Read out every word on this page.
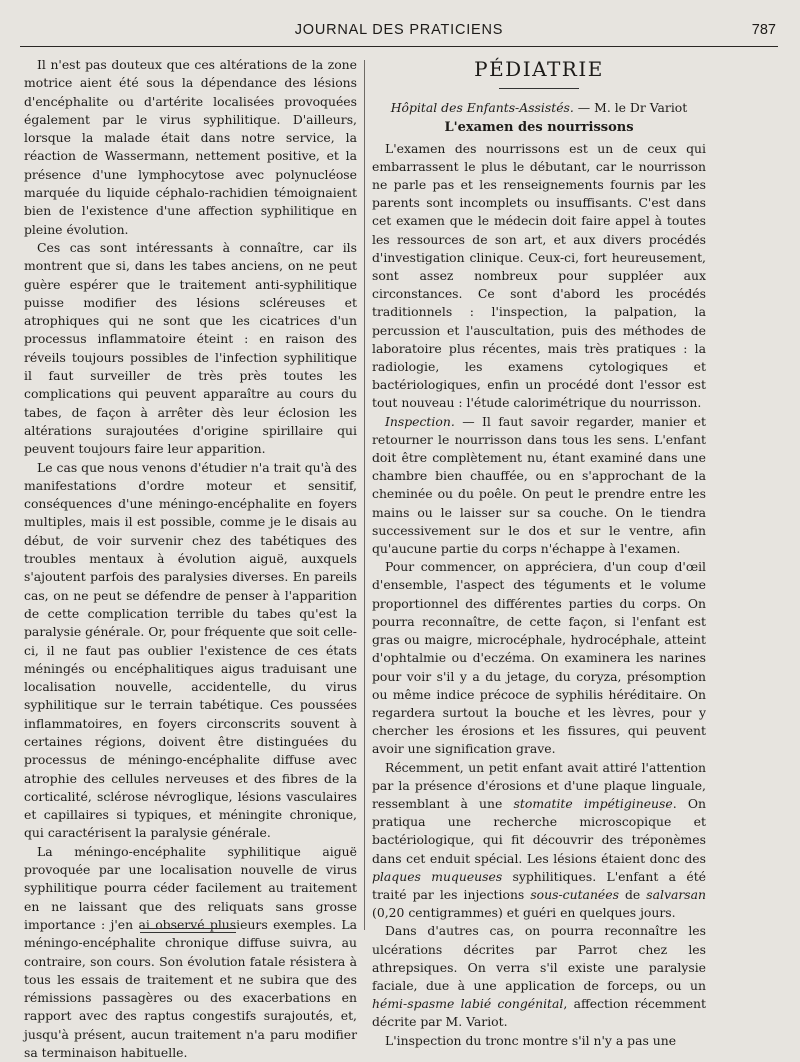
JOURNAL DES PRATICIENS	787

Il n'est pas douteux que ces altérations de la zone motrice aient été sous la dépendance des lésions d'encéphalite ou d'artérite localisées provoquées également par le virus syphilitique. D'ailleurs, lorsque la malade était dans notre service, la réaction de Wassermann, nettement positive, et la présence d'une lymphocytose avec polynucléose marquée du liquide céphalo-rachidien témoignaient bien de l'existence d'une affection syphilitique en pleine évolution.

Ces cas sont intéressants à connaître, car ils montrent que si, dans les tabes anciens, on ne peut guère espérer que le traitement anti-syphilitique puisse modifier des lésions scléreuses et atrophiques qui ne sont que les cicatrices d'un processus inflammatoire éteint : en raison des réveils toujours possibles de l'infection syphilitique il faut surveiller de très près toutes les complications qui peuvent apparaître au cours du tabes, de façon à arrêter dès leur éclosion les altérations surajoutées d'origine spirillaire qui peuvent toujours faire leur apparition.

Le cas que nous venons d'étudier n'a trait qu'à des manifestations d'ordre moteur et sensitif, conséquences d'une méningo-encéphalite en foyers multiples, mais il est possible, comme je le disais au début, de voir survenir chez des tabétiques des troubles mentaux à évolution aiguë, auxquels s'ajoutent parfois des paralysies diverses. En pareils cas, on ne peut se défendre de penser à l'apparition de cette complication terrible du tabes qu'est la paralysie générale. Or, pour fréquente que soit celle-ci, il ne faut pas oublier l'existence de ces états méningés ou encéphalitiques aigus traduisant une localisation nouvelle, accidentelle, du virus syphilitique sur le terrain tabétique. Ces poussées inflammatoires, en foyers circonscrits souvent à certaines régions, doivent être distinguées du processus de méningo-encéphalite diffuse avec atrophie des cellules nerveuses et des fibres de la corticalité, sclérose névroglique, lésions vasculaires et capillaires si typiques, et méningite chronique, qui caractérisent la paralysie générale.

La méningo-encéphalite syphilitique aiguë provoquée par une localisation nouvelle de virus syphilitique pourra céder facilement au traitement en ne laissant que des reliquats sans grosse importance : j'en ai observé plusieurs exemples. La méningo-encéphalite chronique diffuse suivra, au contraire, son cours. Son évolution fatale résistera à tous les essais de traitement et ne subira que des rémissions passagères ou des exacerbations en rapport avec des raptus congestifs surajoutés, et, jusqu'à présent, aucun traitement n'a paru modifier sa terminaison habituelle.

PÉDIATRIE

Hôpital des Enfants-Assistés. — M. le Dr Variot

L'examen des nourrissons

L'examen des nourrissons est un de ceux qui embarrassent le plus le débutant, car le nourrisson ne parle pas et les renseignements fournis par les parents sont incomplets ou insuffisants. C'est dans cet examen que le médecin doit faire appel à toutes les ressources de son art, et aux divers procédés d'investigation clinique. Ceux-ci, fort heureusement, sont assez nombreux pour suppléer aux circonstances. Ce sont d'abord les procédés traditionnels : l'inspection, la palpation, la percussion et l'auscultation, puis des méthodes de laboratoire plus récentes, mais très pratiques : la radiologie, les examens cytologiques et bactériologiques, enfin un procédé dont l'essor est tout nouveau : l'étude calorimétrique du nourrisson.

Inspection. — Il faut savoir regarder, manier et retourner le nourrisson dans tous les sens. L'enfant doit être complètement nu, étant examiné dans une chambre bien chauffée, ou en s'approchant de la cheminée ou du poêle. On peut le prendre entre les mains ou le laisser sur sa couche. On le tiendra successivement sur le dos et sur le ventre, afin qu'aucune partie du corps n'échappe à l'examen.

Pour commencer, on appréciera, d'un coup d'œil d'ensemble, l'aspect des téguments et le volume proportionnel des différentes parties du corps. On pourra reconnaître, de cette façon, si l'enfant est gras ou maigre, microcéphale, hydrocéphale, atteint d'ophtalmie ou d'eczéma. On examinera les narines pour voir s'il y a du jetage, du coryza, présomption ou même indice précoce de syphilis héréditaire. On regardera surtout la bouche et les lèvres, pour y chercher les érosions et les fissures, qui peuvent avoir une signification grave.

Récemment, un petit enfant avait attiré l'attention par la présence d'érosions et d'une plaque linguale, ressemblant à une stomatite impétigineuse. On pratiqua une recherche microscopique et bactériologique, qui fit découvrir des tréponèmes dans cet enduit spécial. Les lésions étaient donc des plaques muqueuses syphilitiques. L'enfant a été traité par les injections sous-cutanées de salvarsan (0,20 centigrammes) et guéri en quelques jours.

Dans d'autres cas, on pourra reconnaître les ulcérations décrites par Parrot chez les athrepsiques. On verra s'il existe une paralysie faciale, due à une application de forceps, ou un hémi-spasme labié congénital, affection récemment décrite par M. Variot.

L'inspection du tronc montre s'il n'y a pas une
